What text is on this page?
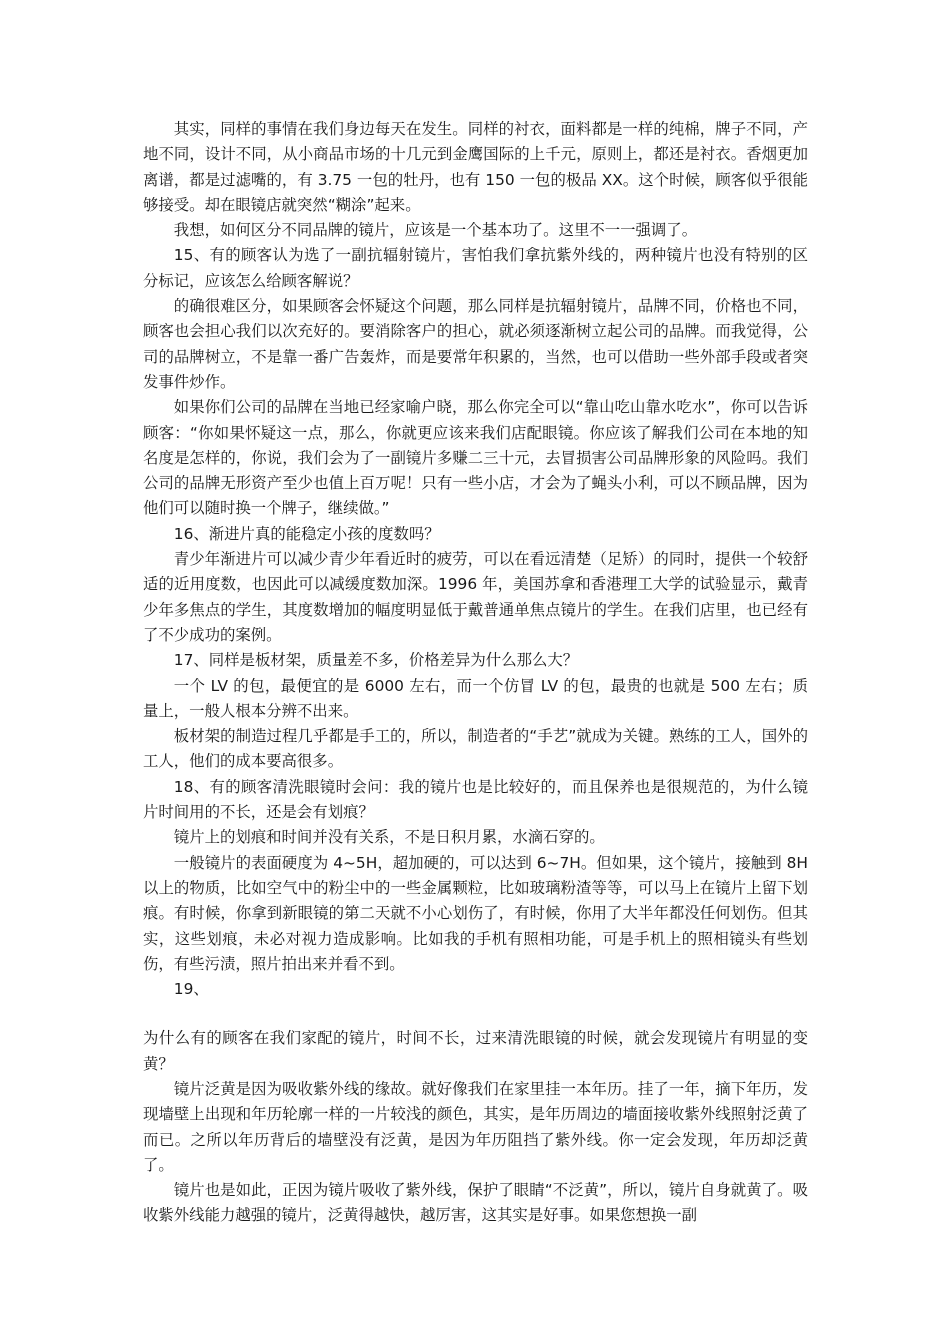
其实，同样的事情在我们身边每天在发生。同样的衬衣，面料都是一样的纯棉，牌子不同，产地不同，设计不同，从小商品市场的十几元到金鹰国际的上千元，原则上，都还是衬衣。香烟更加离谱，都是过滤嘴的，有 3.75 一包的牡丹，也有 150 一包的极品 XX。这个时候，顾客似乎很能够接受。却在眼镜店就突然“糊涂”起来。

我想，如何区分不同品牌的镜片，应该是一个基本功了。这里不一一强调了。

15、有的顾客认为选了一副抗辐射镜片，害怕我们拿抗紫外线的，两种镜片也没有特别的区分标记，应该怎么给顾客解说？

的确很难区分，如果顾客会怀疑这个问题，那么同样是抗辐射镜片，品牌不同，价格也不同，顾客也会担心我们以次充好的。要消除客户的担心，就必须逐渐树立起公司的品牌。而我觉得，公司的品牌树立，不是靠一番广告轰炸，而是要常年积累的，当然，也可以借助一些外部手段或者突发事件炒作。

如果你们公司的品牌在当地已经家喻户晓，那么你完全可以“靠山吃山靠水吃水”，你可以告诉顾客：“你如果怀疑这一点，那么，你就更应该来我们店配眼镜。你应该了解我们公司在本地的知名度是怎样的，你说，我们会为了一副镜片多赚二三十元，去冒损害公司品牌形象的风险吗。我们公司的品牌无形资产至少也值上百万呢！只有一些小店，才会为了蝇头小利，可以不顾品牌，因为他们可以随时换一个牌子，继续做。”

16、渐进片真的能稳定小孩的度数吗？

青少年渐进片可以减少青少年看近时的疲劳，可以在看远清楚（足矫）的同时，提供一个较舒适的近用度数，也因此可以减缓度数加深。1996 年，美国苏拿和香港理工大学的试验显示，戴青少年多焦点的学生，其度数增加的幅度明显低于戴普通单焦点镜片的学生。在我们店里，也已经有了不少成功的案例。

17、同样是板材架，质量差不多，价格差异为什么那么大？

一个 LV 的包，最便宜的是 6000 左右，而一个仿冒 LV 的包，最贵的也就是 500 左右；质量上，一般人根本分辨不出来。

板材架的制造过程几乎都是手工的，所以，制造者的“手艺”就成为关键。熟练的工人，国外的工人，他们的成本要高很多。

18、有的顾客清洗眼镜时会问：我的镜片也是比较好的，而且保养也是很规范的，为什么镜片时间用的不长，还是会有划痕？

镜片上的划痕和时间并没有关系，不是日积月累，水滴石穿的。

一般镜片的表面硬度为 4~5H，超加硬的，可以达到 6~7H。但如果，这个镜片，接触到 8H 以上的物质，比如空气中的粉尘中的一些金属颗粒，比如玻璃粉渣等等，可以马上在镜片上留下划痕。有时候，你拿到新眼镜的第二天就不小心划伤了，有时候，你用了大半年都没任何划伤。但其实，这些划痕，未必对视力造成影响。比如我的手机有照相功能，可是手机上的照相镜头有些划伤，有些污渍，照片拍出来并看不到。

19、

为什么有的顾客在我们家配的镜片，时间不长，过来清洗眼镜的时候，就会发现镜片有明显的变黄？

镜片泛黄是因为吸收紫外线的缘故。就好像我们在家里挂一本年历。挂了一年，摘下年历，发现墙壁上出现和年历轮廓一样的一片较浅的颜色，其实，是年历周边的墙面接收紫外线照射泛黄了而已。之所以年历背后的墙壁没有泛黄，是因为年历阻挡了紫外线。你一定会发现，年历却泛黄了。

镜片也是如此，正因为镜片吸收了紫外线，保护了眼睛“不泛黄”，所以，镜片自身就黄了。吸收紫外线能力越强的镜片，泛黄得越快，越厉害，这其实是好事。如果您想换一副
